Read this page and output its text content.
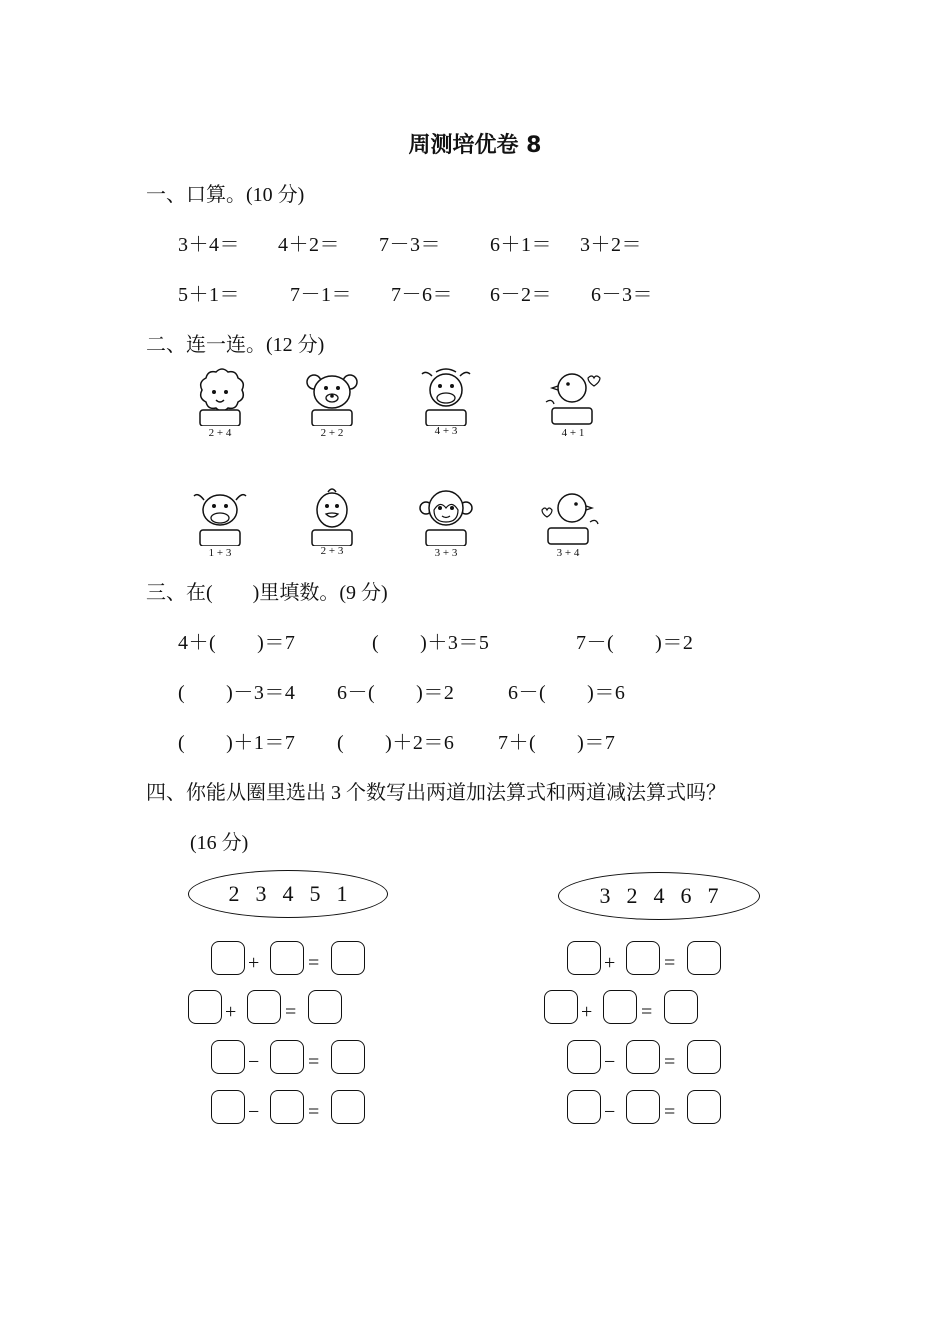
周测培优卷 8
一、口算。(10 分)
3＋4＝ 4＋2＝ 7－3＝ 6＋1＝ 3＋2＝
5＋1＝	7－1＝ 7－6＝ 6－2＝ 6－3＝
二、连一连。(12 分)
2 + 4	2 + 2	4 + 3	4 + 1
1 + 3	2 + 3	3 + 3	3 + 4
三、在(　　)里填数。(9 分)
4＋(　　)＝7	(　　)＋3＝5	7－(　　)＝2
(　　)－3＝4 6－(　　)＝2	6－(　　)＝6
(　　)＋1＝7 (　　)＋2＝6 7＋(　　)＝7
四、你能从圈里选出 3 个数写出两道加法算式和两道减法算式吗？
(16 分)
2 3 4 5 1	3 2 4 6 7
+ =
+ =
− =
− =
+ =
+ =
− =
− =
